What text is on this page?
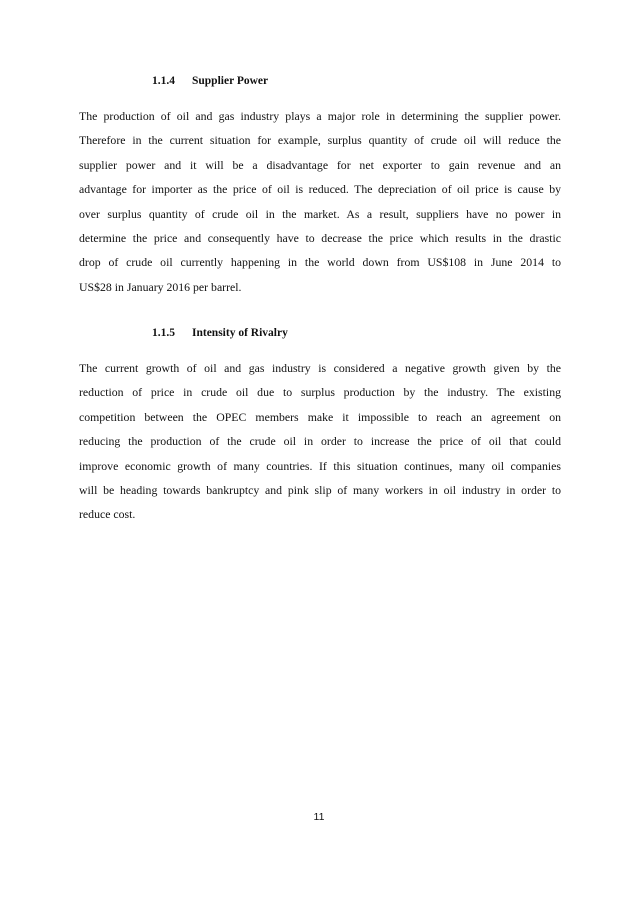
1.1.4 Supplier Power
The production of oil and gas industry plays a major role in determining the supplier power.
Therefore in the current situation for example, surplus quantity of crude oil will reduce the
supplier power and it will be a disadvantage for net exporter to gain revenue and an
advantage for importer as the price of oil is reduced. The depreciation of oil price is cause by
over surplus quantity of crude oil in the market. As a result, suppliers have no power in
determine the price and consequently have to decrease the price which results in the drastic
drop of crude oil currently happening in the world down from US$108 in June 2014 to
US$28 in January 2016 per barrel.
1.1.5 Intensity of Rivalry
The current growth of oil and gas industry is considered a negative growth given by the
reduction of price in crude oil due to surplus production by the industry. The existing
competition between the OPEC members make it impossible to reach an agreement on
reducing the production of the crude oil in order to increase the price of oil that could
improve economic growth of many countries. If this situation continues, many oil companies
will be heading towards bankruptcy and pink slip of many workers in oil industry in order to
reduce cost.
11
